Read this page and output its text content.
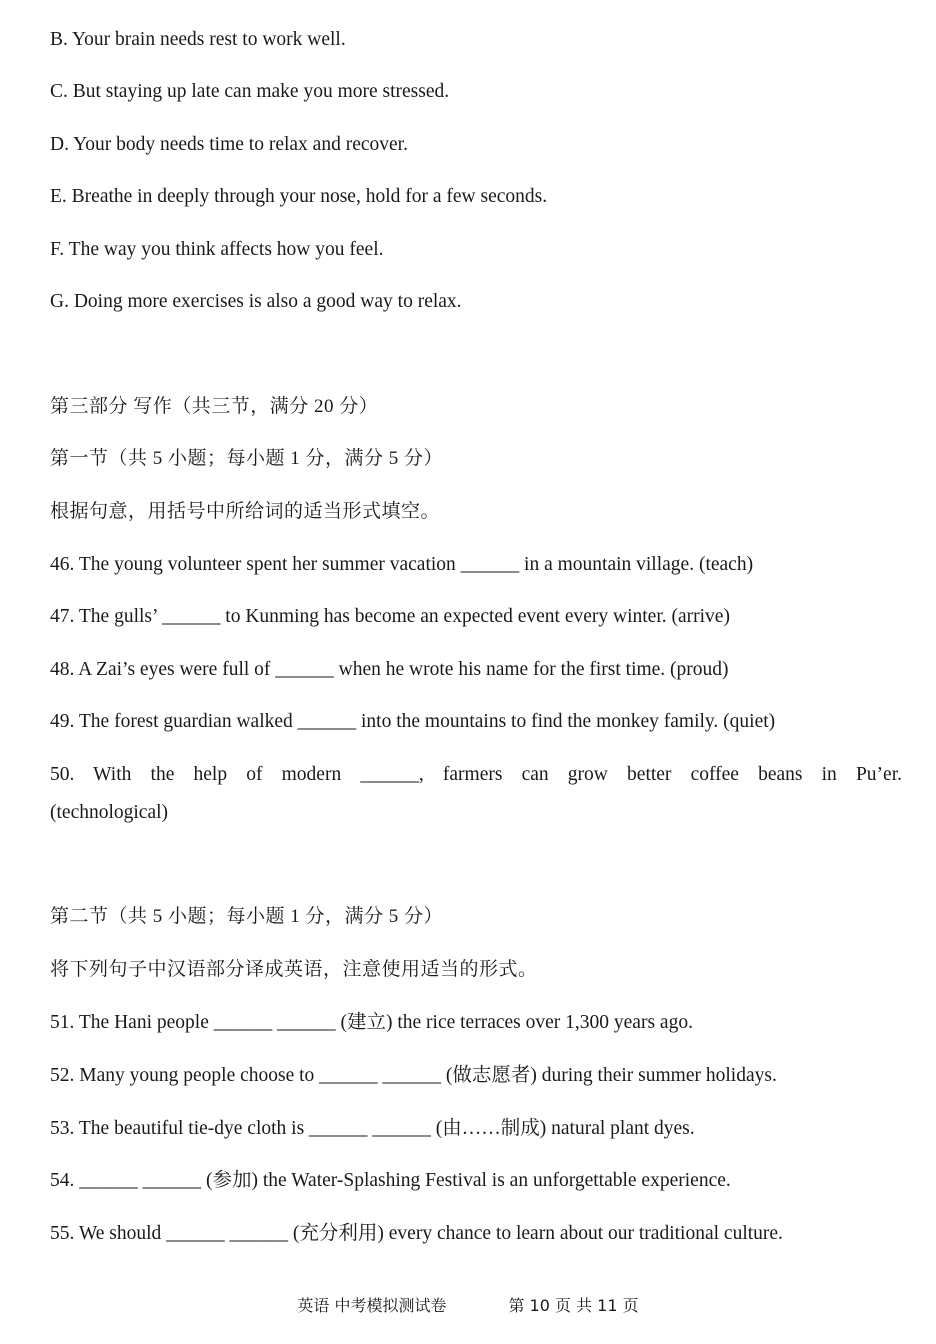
B. Your brain needs rest to work well.
C. But staying up late can make you more stressed.
D. Your body needs time to relax and recover.
E. Breathe in deeply through your nose, hold for a few seconds.
F. The way you think affects how you feel.
G. Doing more exercises is also a good way to relax.
第三部分 写作（共三节，满分 20 分）
第一节（共 5 小题；每小题 1 分，满分 5 分）
根据句意，用括号中所给词的适当形式填空。
46. The young volunteer spent her summer vacation ______ in a mountain village. (teach)
47. The gulls’ ______ to Kunming has become an expected event every winter. (arrive)
48. A Zai’s eyes were full of ______ when he wrote his name for the first time. (proud)
49. The forest guardian walked ______ into the mountains to find the monkey family. (quiet)
50. With the help of modern ______, farmers can grow better coffee beans in Pu’er.
(technological)
第二节（共 5 小题；每小题 1 分，满分 5 分）
将下列句子中汉语部分译成英语，注意使用适当的形式。
51. The Hani people ______ ______ (建立) the rice terraces over 1,300 years ago.
52. Many young people choose to ______ ______ (做志愿者) during their summer holidays.
53. The beautiful tie-dye cloth is ______ ______ (由……制成) natural plant dyes.
54. ______ ______ (参加) the Water-Splashing Festival is an unforgettable experience.
55. We should ______ ______ (充分利用) every chance to learn about our traditional culture.
英语 中考模拟测试卷	第 10 页 共 11 页
